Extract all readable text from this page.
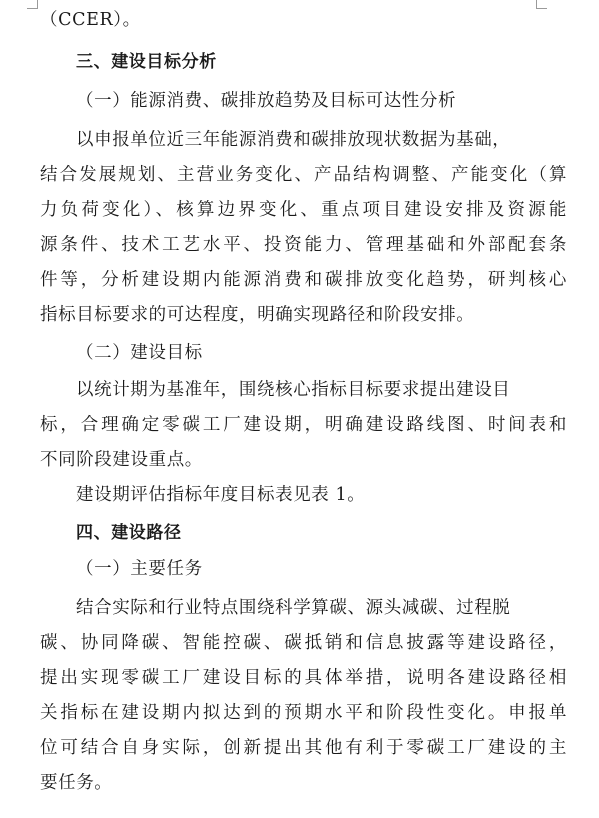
（CCER）。
三、建设目标分析
（一）能源消费、碳排放趋势及目标可达性分析
以申报单位近三年能源消费和碳排放现状数据为基础，
结合发展规划、主营业务变化、产品结构调整、产能变化（算
力负荷变化）、核算边界变化、重点项目建设安排及资源能
源条件、技术工艺水平、投资能力、管理基础和外部配套条
件等，分析建设期内能源消费和碳排放变化趋势，研判核心
指标目标要求的可达程度，明确实现路径和阶段安排。
（二）建设目标
以统计期为基准年，围绕核心指标目标要求提出建设目
标，合理确定零碳工厂建设期，明确建设路线图、时间表和
不同阶段建设重点。
建设期评估指标年度目标表见表 1。
四、建设路径
（一）主要任务
结合实际和行业特点围绕科学算碳、源头减碳、过程脱
碳、协同降碳、智能控碳、碳抵销和信息披露等建设路径，
提出实现零碳工厂建设目标的具体举措，说明各建设路径相
关指标在建设期内拟达到的预期水平和阶段性变化。申报单
位可结合自身实际，创新提出其他有利于零碳工厂建设的主
要任务。
